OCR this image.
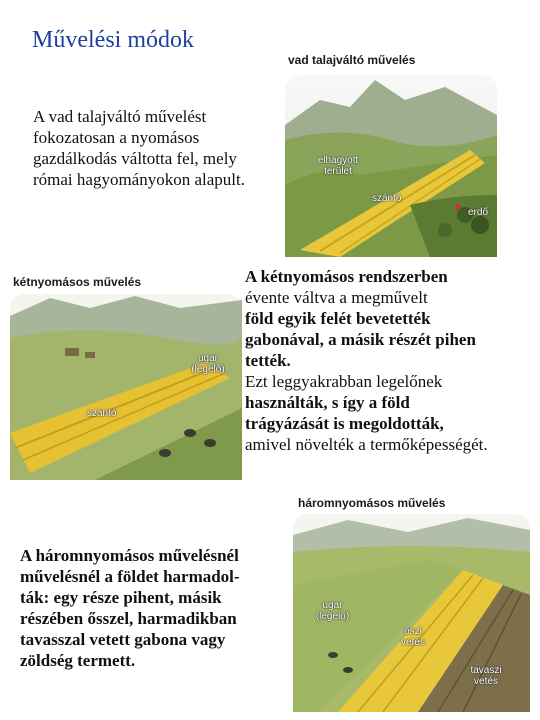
Művelési módok
A vad talajváltó művelést fokozatosan a nyomásos gazdálkodás váltotta fel, mely római hagyományokon alapult.
vad talajváltó művelés
elhagyott terület
szántó
erdő
kétnyomásos művelés
ugar (legelő)
szántó
A kétnyomásos rendszerben
évente váltva a megművelt
föld egyik felét bevetették
gabonával, a másik részét pihen
tették.
Ezt leggyakrabban legelőnek
használták, s így a föld
trágyázását is megoldották,
amivel növelték a termőképességét.
háromnyomásos művelés
ugar (legelő)
őszi vetés
tavaszi vetés
A háromnyomásos művelésnél
művelésnél a földet harmadol-
ták: egy része pihent, másik
részében ősszel, harmadikban
tavasszal vetett gabona vagy
zöldség termett.
